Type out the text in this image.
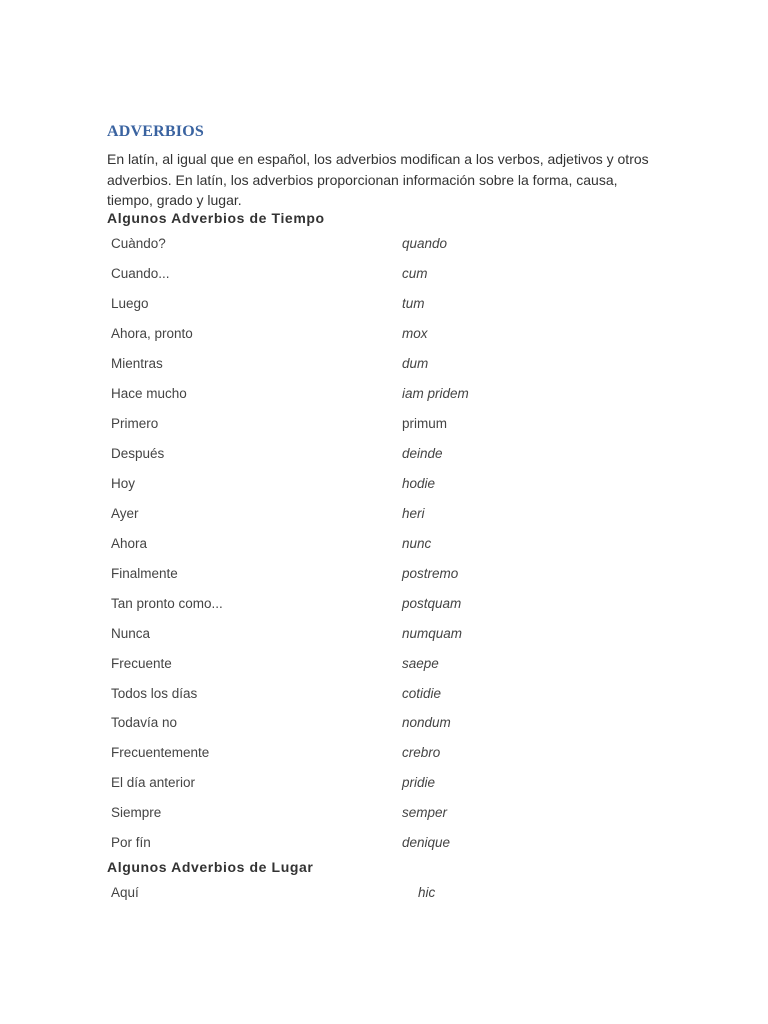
ADVERBIOS

En latín, al igual que en español, los adverbios modifican a los verbos, adjetivos y otros adverbios. En latín, los adverbios proporcionan información sobre la forma, causa, tiempo, grado y lugar.

Algunos Adverbios de Tiempo
Cuàndo?	quando
Cuando...	cum
Luego	tum
Ahora, pronto	mox
Mientras	dum
Hace mucho	iam pridem
Primero	primum
Después	deinde
Hoy	hodie
Ayer	heri
Ahora	nunc
Finalmente	postremo
Tan pronto como...	postquam
Nunca	numquam
Frecuente	saepe
Todos los días	cotidie
Todavía no	nondum
Frecuentemente	crebro
El día anterior	pridie
Siempre	semper
Por fín	denique
Algunos Adverbios de Lugar
Aquí	hic
